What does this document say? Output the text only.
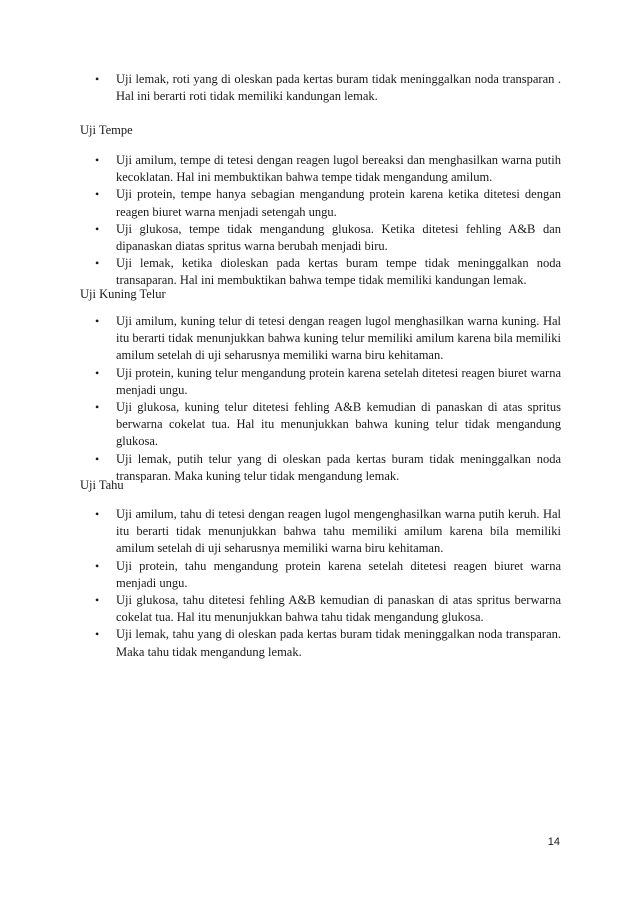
•	Uji lemak, roti yang di oleskan pada kertas buram tidak meninggalkan noda transparan . Hal ini berarti roti tidak memiliki kandungan lemak.
Uji Tempe
•	Uji amilum, tempe di tetesi dengan reagen lugol bereaksi dan menghasilkan warna putih kecoklatan. Hal ini membuktikan bahwa tempe tidak mengandung amilum.
•	Uji protein, tempe hanya sebagian mengandung protein karena ketika ditetesi dengan reagen biuret warna menjadi setengah ungu.
•	Uji glukosa, tempe tidak mengandung glukosa. Ketika ditetesi fehling A&B dan dipanaskan diatas spritus warna berubah menjadi biru.
•	Uji lemak, ketika dioleskan pada kertas buram tempe tidak meninggalkan noda transaparan. Hal ini membuktikan bahwa tempe tidak memiliki kandungan lemak.
Uji Kuning Telur
•	Uji amilum, kuning telur di tetesi dengan reagen lugol menghasilkan warna kuning. Hal itu berarti tidak menunjukkan bahwa kuning telur memiliki amilum karena bila memiliki amilum setelah di uji seharusnya memiliki warna biru kehitaman.
•	Uji protein, kuning telur mengandung protein karena setelah ditetesi reagen biuret warna menjadi ungu.
•	Uji glukosa, kuning telur ditetesi fehling A&B kemudian di panaskan di atas spritus berwarna cokelat tua. Hal itu menunjukkan bahwa kuning telur tidak mengandung glukosa.
•	Uji lemak, putih telur yang di oleskan pada kertas buram tidak meninggalkan noda transparan. Maka kuning telur tidak mengandung lemak.
Uji Tahu
•	Uji amilum, tahu di tetesi dengan reagen lugol mengenghasilkan warna putih keruh. Hal itu berarti tidak menunjukkan bahwa tahu memiliki amilum karena bila memiliki amilum setelah di uji seharusnya memiliki warna biru kehitaman.
•	Uji protein, tahu mengandung protein karena setelah ditetesi reagen biuret warna menjadi ungu.
•	Uji glukosa, tahu ditetesi fehling A&B kemudian di panaskan di atas spritus berwarna cokelat tua. Hal itu menunjukkan bahwa tahu tidak mengandung glukosa.
•	Uji lemak, tahu yang di oleskan pada kertas buram tidak meninggalkan noda transparan. Maka tahu tidak mengandung lemak.
14
